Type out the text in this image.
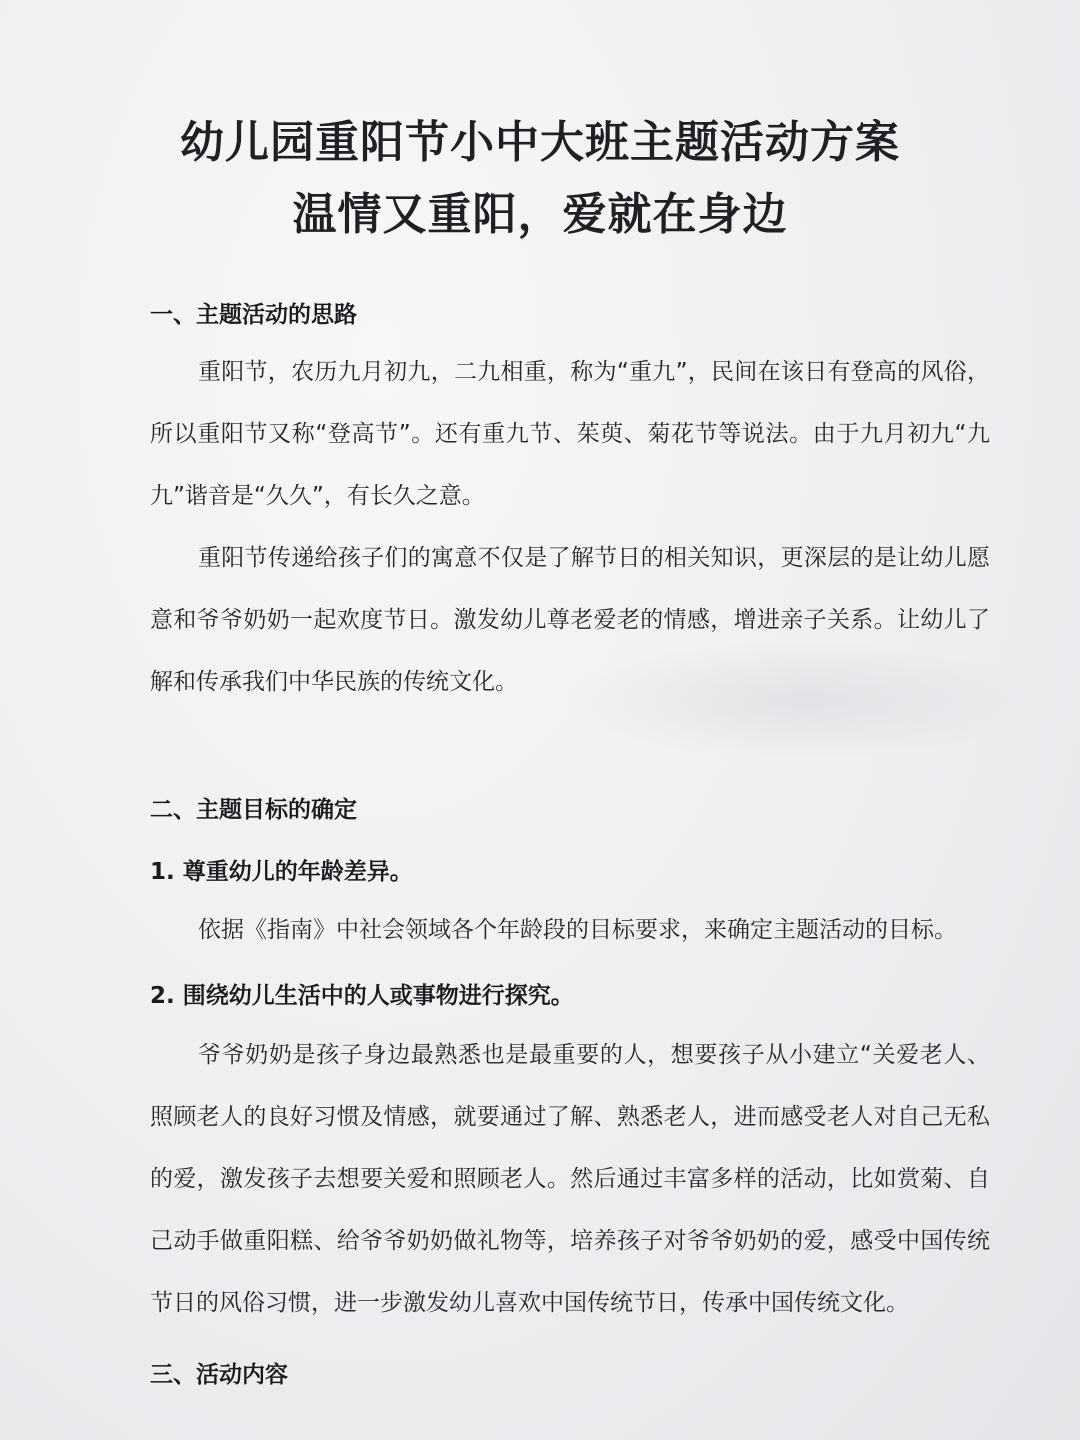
幼儿园重阳节小中大班主题活动方案
温情又重阳，爱就在身边
一、主题活动的思路
重阳节，农历九月初九，二九相重，称为“重九”，民间在该日有登高的风俗，所以重阳节又称“登高节”。还有重九节、茱萸、菊花节等说法。由于九月初九“九九”谐音是“久久”，有长久之意。
重阳节传递给孩子们的寓意不仅是了解节日的相关知识，更深层的是让幼儿愿意和爷爷奶奶一起欢度节日。激发幼儿尊老爱老的情感，增进亲子关系。让幼儿了解和传承我们中华民族的传统文化。
二、主题目标的确定
1. 尊重幼儿的年龄差异。
依据《指南》中社会领域各个年龄段的目标要求，来确定主题活动的目标。
2. 围绕幼儿生活中的人或事物进行探究。
爷爷奶奶是孩子身边最熟悉也是最重要的人，想要孩子从小建立“关爱老人、照顾老人的良好习惯及情感，就要通过了解、熟悉老人，进而感受老人对自己无私的爱，激发孩子去想要关爱和照顾老人。然后通过丰富多样的活动，比如赏菊、自己动手做重阳糕、给爷爷奶奶做礼物等，培养孩子对爷爷奶奶的爱，感受中国传统节日的风俗习惯，进一步激发幼儿喜欢中国传统节日，传承中国传统文化。
三、活动内容
